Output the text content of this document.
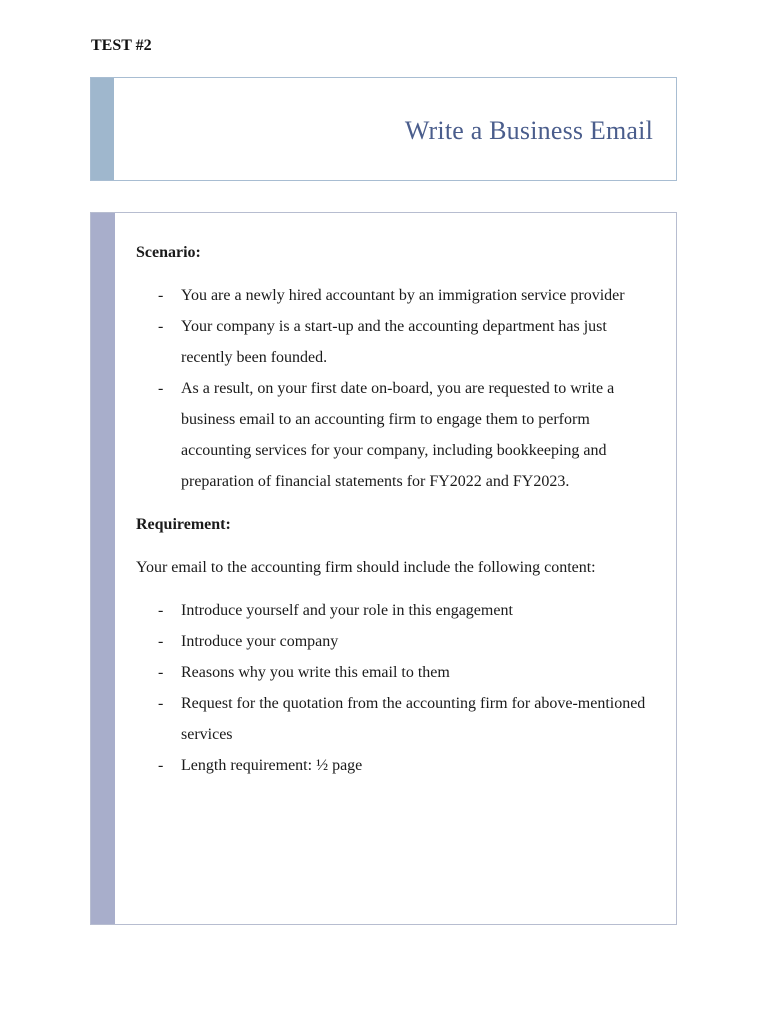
TEST #2
Write a Business Email

Scenario:

- You are a newly hired accountant by an immigration service provider
- Your company is a start-up and the accounting department has just recently been founded.
- As a result, on your first date on-board, you are requested to write a business email to an accounting firm to engage them to perform accounting services for your company, including bookkeeping and preparation of financial statements for FY2022 and FY2023.

Requirement:

Your email to the accounting firm should include the following content:

- Introduce yourself and your role in this engagement
- Introduce your company
- Reasons why you write this email to them
- Request for the quotation from the accounting firm for above-mentioned services
- Length requirement: ½ page
